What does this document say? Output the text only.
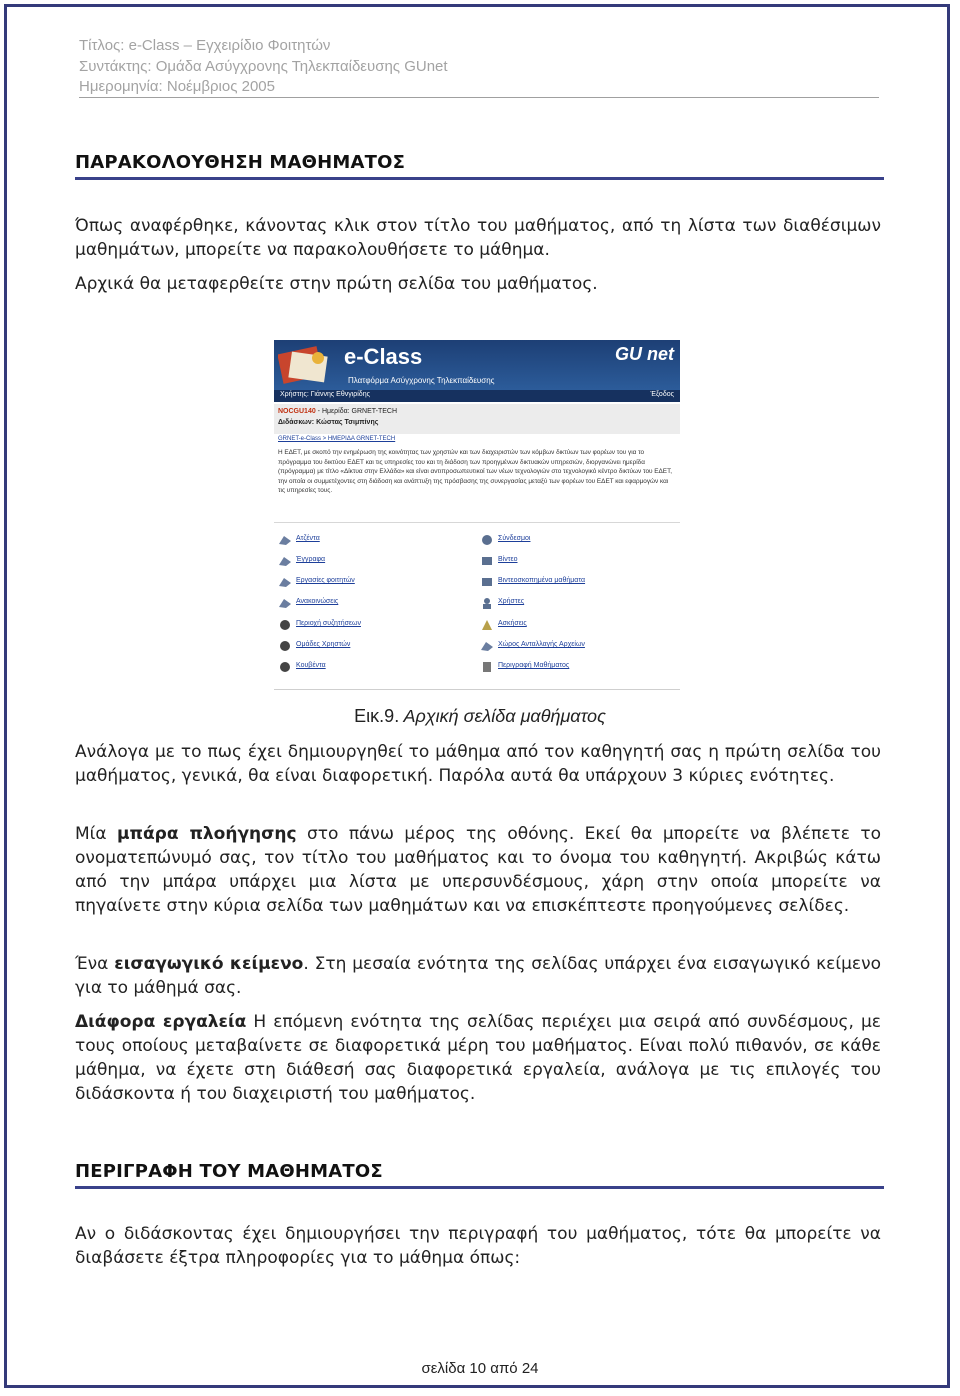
Τίτλος: e-Class – Εγχειρίδιο Φοιτητών
Συντάκτης: Ομάδα Ασύγχρονης Τηλεκπαίδευσης GUnet
Ημερομηνία: Νοέμβριος 2005
ΠΑΡΑΚΟΛΟΥΘΗΣΗ ΜΑΘΗΜΑΤΟΣ

Όπως αναφέρθηκε, κάνοντας κλικ στον τίτλο του μαθήματος, από τη λίστα των διαθέσιμων μαθημάτων, μπορείτε να παρακολουθήσετε το μάθημα.

Αρχικά θα μεταφερθείτε στην πρώτη σελίδα του μαθήματος.

e-Class
Πλατφόρμα Ασύγχρονης Τηλεκπαίδευσης
GU net
Χρήστης: Γιάννης Εθνγιρίδης	Έξοδος
NOCGU140 - Ημερίδα: GRNET-TECH
Διδάσκων: Κώστας Τσιμπίνης
GRNET-e-Class > ΗΜΕΡΙΔΑ GRNET-TECH
Η ΕΔΕΤ, με σκοπό την ενημέρωση της κοινότητας των χρηστών και των διαχειριστών των κόμβων δικτύων των φορέων του για το πρόγραμμα του δικτύου ΕΔΕΤ και τις υπηρεσίες του και τη διάδοση των προηγμένων δικτυακών υπηρεσιών, διοργανώνει ημερίδα (πρόγραμμα) με τίτλο «Δίκτυα στην Ελλάδα» και είναι αντιπροσωπευτικοί των νέων τεχνολογιών στο τεχνολογικό κέντρο δικτύων του ΕΔΕΤ, την οποία οι συμμετέχοντες στη διάδοση και ανάπτυξη της πρόσβασης της συνεργασίας μεταξύ των φορέων του ΕΔΕΤ και εφαρμογών και τις υπηρεσίες τους.
Ατζέντα
Έγγραφα
Εργασίες φοιτητών
Ανακοινώσεις
Περιοχή συζητήσεων
Ομάδες Χρηστών
Κουβέντα
Σύνδεσμοι
Βίντεο
Βιντεοσκοπημένα μαθήματα
Χρήστες
Ασκήσεις
Χώρος Ανταλλαγής Αρχείων
Περιγραφή Μαθήματος
Εικ.9. Αρχική σελίδα μαθήματος

Ανάλογα με το πως έχει δημιουργηθεί το μάθημα από τον καθηγητή σας η πρώτη σελίδα του μαθήματος, γενικά, θα είναι διαφορετική. Παρόλα αυτά θα υπάρχουν 3 κύριες ενότητες.

Μία μπάρα πλοήγησης στο πάνω μέρος της οθόνης. Εκεί θα μπορείτε να βλέπετε το ονοματεπώνυμό σας, τον τίτλο του μαθήματος και το όνομα του καθηγητή. Ακριβώς κάτω από την μπάρα υπάρχει μια λίστα με υπερσυνδέσμους, χάρη στην οποία μπορείτε να πηγαίνετε στην κύρια σελίδα των μαθημάτων και να επισκέπτεστε προηγούμενες σελίδες.

Ένα εισαγωγικό κείμενο. Στη μεσαία ενότητα της σελίδας υπάρχει ένα εισαγωγικό κείμενο για το μάθημά σας.

Διάφορα εργαλεία Η επόμενη ενότητα της σελίδας περιέχει μια σειρά από συνδέσμους, με τους οποίους μεταβαίνετε σε διαφορετικά μέρη του μαθήματος. Είναι πολύ πιθανόν, σε κάθε μάθημα, να έχετε στη διάθεσή σας διαφορετικά εργαλεία, ανάλογα με τις επιλογές του διδάσκοντα ή του διαχειριστή του μαθήματος.

ΠΕΡΙΓΡΑΦΗ ΤΟΥ ΜΑΘΗΜΑΤΟΣ

Αν ο διδάσκοντας έχει δημιουργήσει την περιγραφή του μαθήματος, τότε θα μπορείτε να διαβάσετε έξτρα πληροφορίες για το μάθημα όπως:

σελίδα 10 από 24
